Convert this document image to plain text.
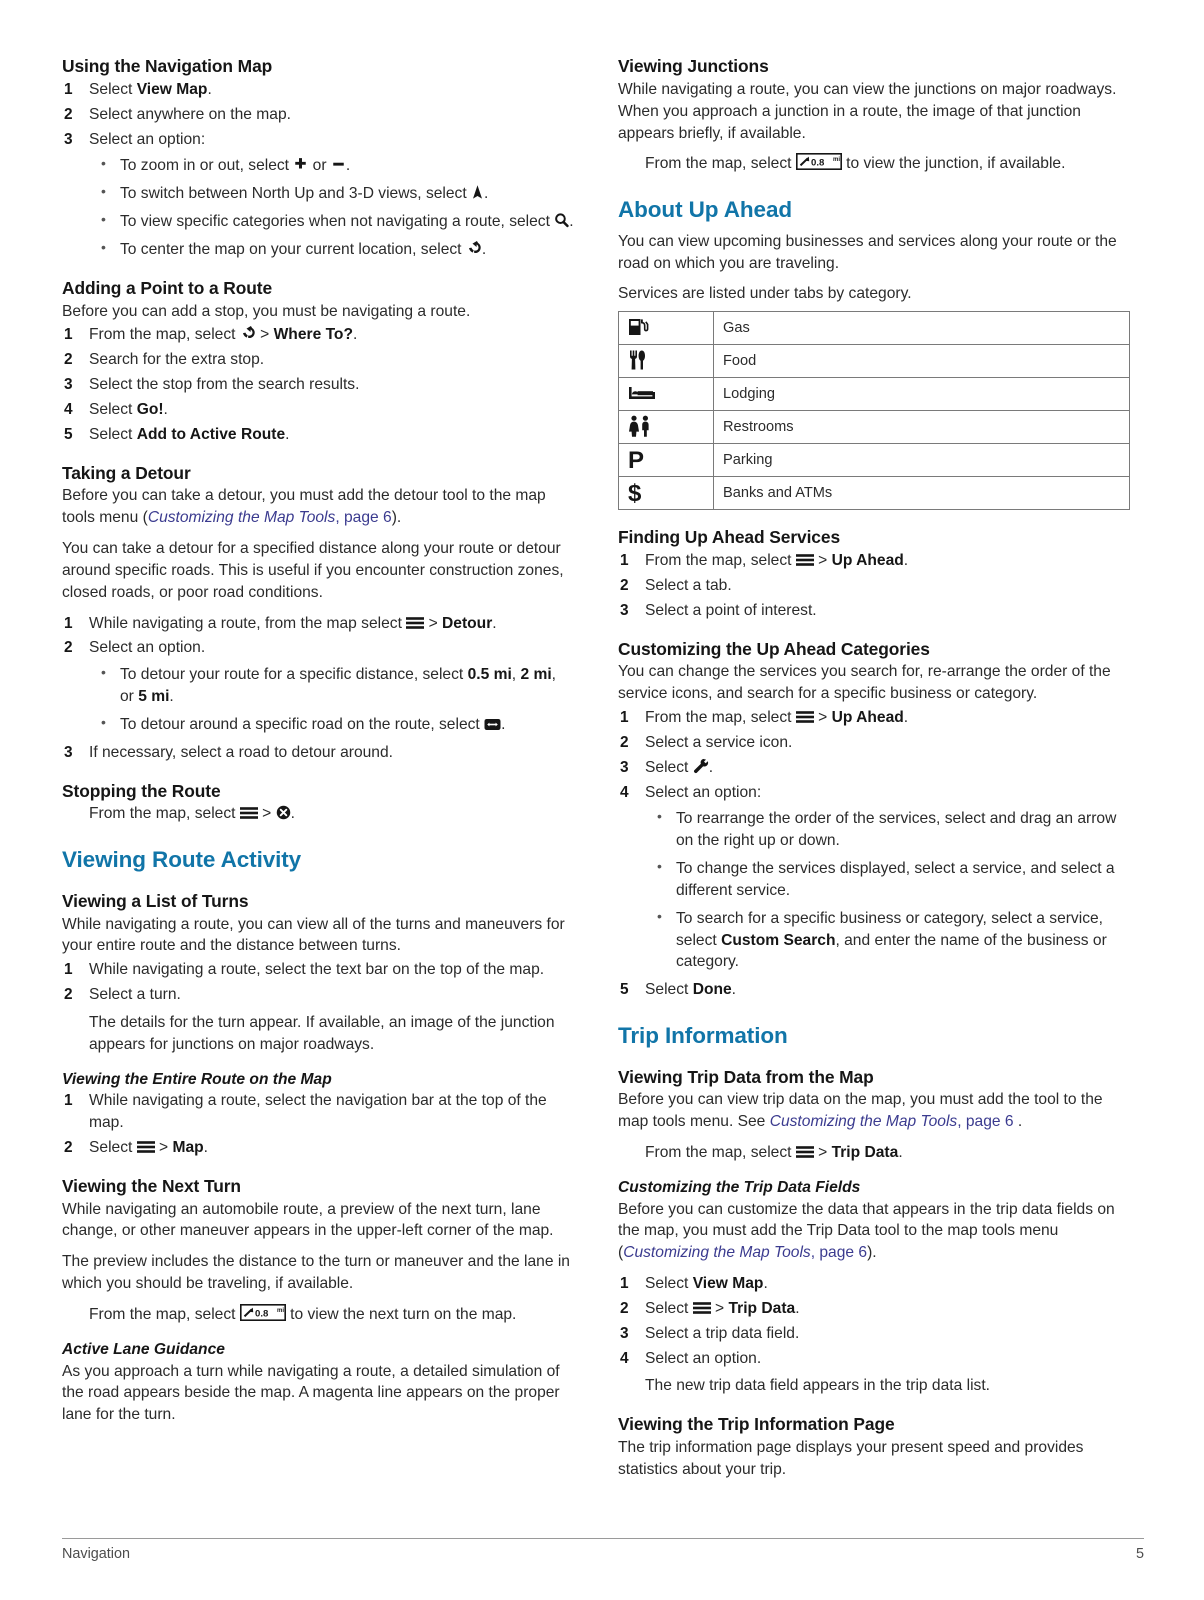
Using the Navigation Map
Select View Map.
Select anywhere on the map.
Select an option:
• To zoom in or out, select
or
.
• To switch between North Up and 3-D views, select
.
• To view specific categories when not navigating a route, select
.
• To center the map on your current location, select
.
Adding a Point to a Route

Before you can add a stop, you must be navigating a route.

From the map, select
> Where To?.
Search for the extra stop.
Select the stop from the search results.
Select Go!.
Select Add to Active Route.
Taking a Detour

Before you can take a detour, you must add the detour tool to the map tools menu (Customizing the Map Tools, page 6).

You can take a detour for a specified distance along your route or detour around specific roads. This is useful if you encounter construction zones, closed roads, or poor road conditions.

While navigating a route, from the map select
> Detour.
Select an option.
• To detour your route for a specific distance, select 0.5 mi, 2 mi, or 5 mi.
• To detour around a specific road on the route, select
.
If necessary, select a road to detour around.
Stopping the Route

From the map, select
>
.

Viewing Route Activity
Viewing a List of Turns

While navigating a route, you can view all of the turns and maneuvers for your entire route and the distance between turns.

While navigating a route, select the text bar on the top of the map.
Select a turn.
The details for the turn appear. If available, an image of the junction appears for junctions on major roadways.
Viewing the Entire Route on the Map
While navigating a route, select the navigation bar at the top of the map.
Select
> Map.
Viewing the Next Turn

While navigating an automobile route, a preview of the next turn, lane change, or other maneuver appears in the upper-left corner of the map.

The preview includes the distance to the turn or maneuver and the lane in which you should be traveling, if available.

From the map, select 0.8 mi to view the next turn on the map.

Active Lane Guidance

As you approach a turn while navigating a route, a detailed simulation of the road appears beside the map. A magenta line appears on the proper lane for the turn.

Viewing Junctions

While navigating a route, you can view the junctions on major roadways. When you approach a junction in a route, the image of that junction appears briefly, if available.

From the map, select 0.8 mi to view the junction, if available.

About Up Ahead

You can view upcoming businesses and services along your route or the road on which you are traveling.

Services are listed under tabs by category.

	Gas

	Food

	Lodging

	Restrooms

P	Parking

$	Banks and ATMs
Finding Up Ahead Services
From the map, select
> Up Ahead.
Select a tab.
Select a point of interest.
Customizing the Up Ahead Categories

You can change the services you search for, re-arrange the order of the service icons, and search for a specific business or category.

From the map, select
> Up Ahead.
Select a service icon.
Select
.
Select an option:
• To rearrange the order of the services, select and drag an arrow on the right up or down.
• To change the services displayed, select a service, and select a different service.
• To search for a specific business or category, select a service, select Custom Search, and enter the name of the business or category.
Select Done.
Trip Information
Viewing Trip Data from the Map

Before you can view trip data on the map, you must add the tool to the map tools menu. See Customizing the Map Tools, page 6 .

From the map, select
> Trip Data.

Customizing the Trip Data Fields

Before you can customize the data that appears in the trip data fields on the map, you must add the Trip Data tool to the map tools menu (Customizing the Map Tools, page 6).

Select View Map.
Select
> Trip Data.
Select a trip data field.
Select an option.
The new trip data field appears in the trip data list.
Viewing the Trip Information Page

The trip information page displays your present speed and provides statistics about your trip.

Navigation	5
